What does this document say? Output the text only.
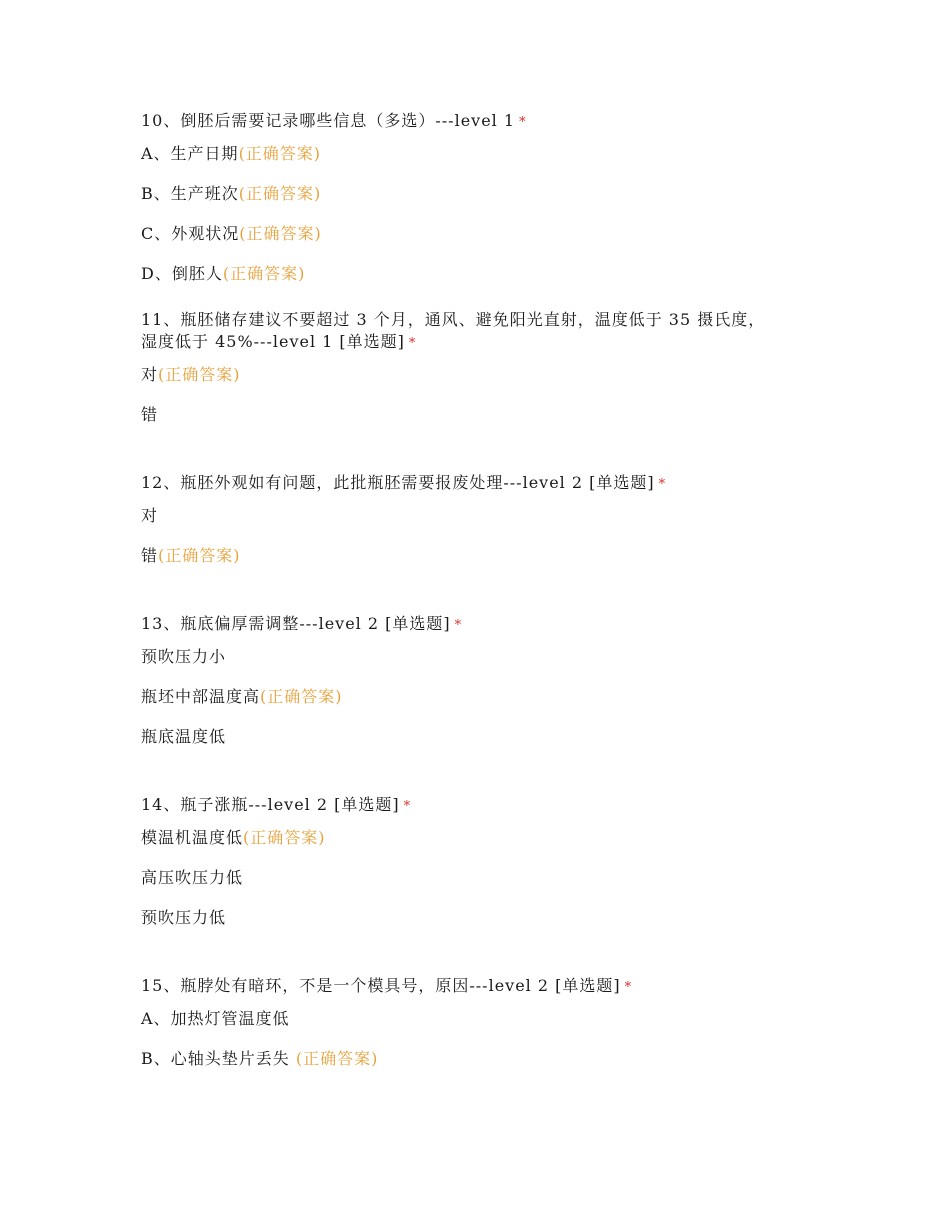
10、倒胚后需要记录哪些信息（多选）---level 1 *
A、生产日期(正确答案)
B、生产班次(正确答案)
C、外观状况(正确答案)
D、倒胚人(正确答案)
11、瓶胚储存建议不要超过 3 个月，通风、避免阳光直射，温度低于 35 摄氏度，
湿度低于 45%---level 1 [单选题] *
对(正确答案)
错
12、瓶胚外观如有问题，此批瓶胚需要报废处理---level 2 [单选题] *
对
错(正确答案)
13、瓶底偏厚需调整---level 2 [单选题] *
预吹压力小
瓶坯中部温度高(正确答案)
瓶底温度低
14、瓶子涨瓶---level 2 [单选题] *
模温机温度低(正确答案)
高压吹压力低
预吹压力低
15、瓶脖处有暗环，不是一个模具号，原因---level 2 [单选题] *
A、加热灯管温度低
B、心轴头垫片丢失 (正确答案)
